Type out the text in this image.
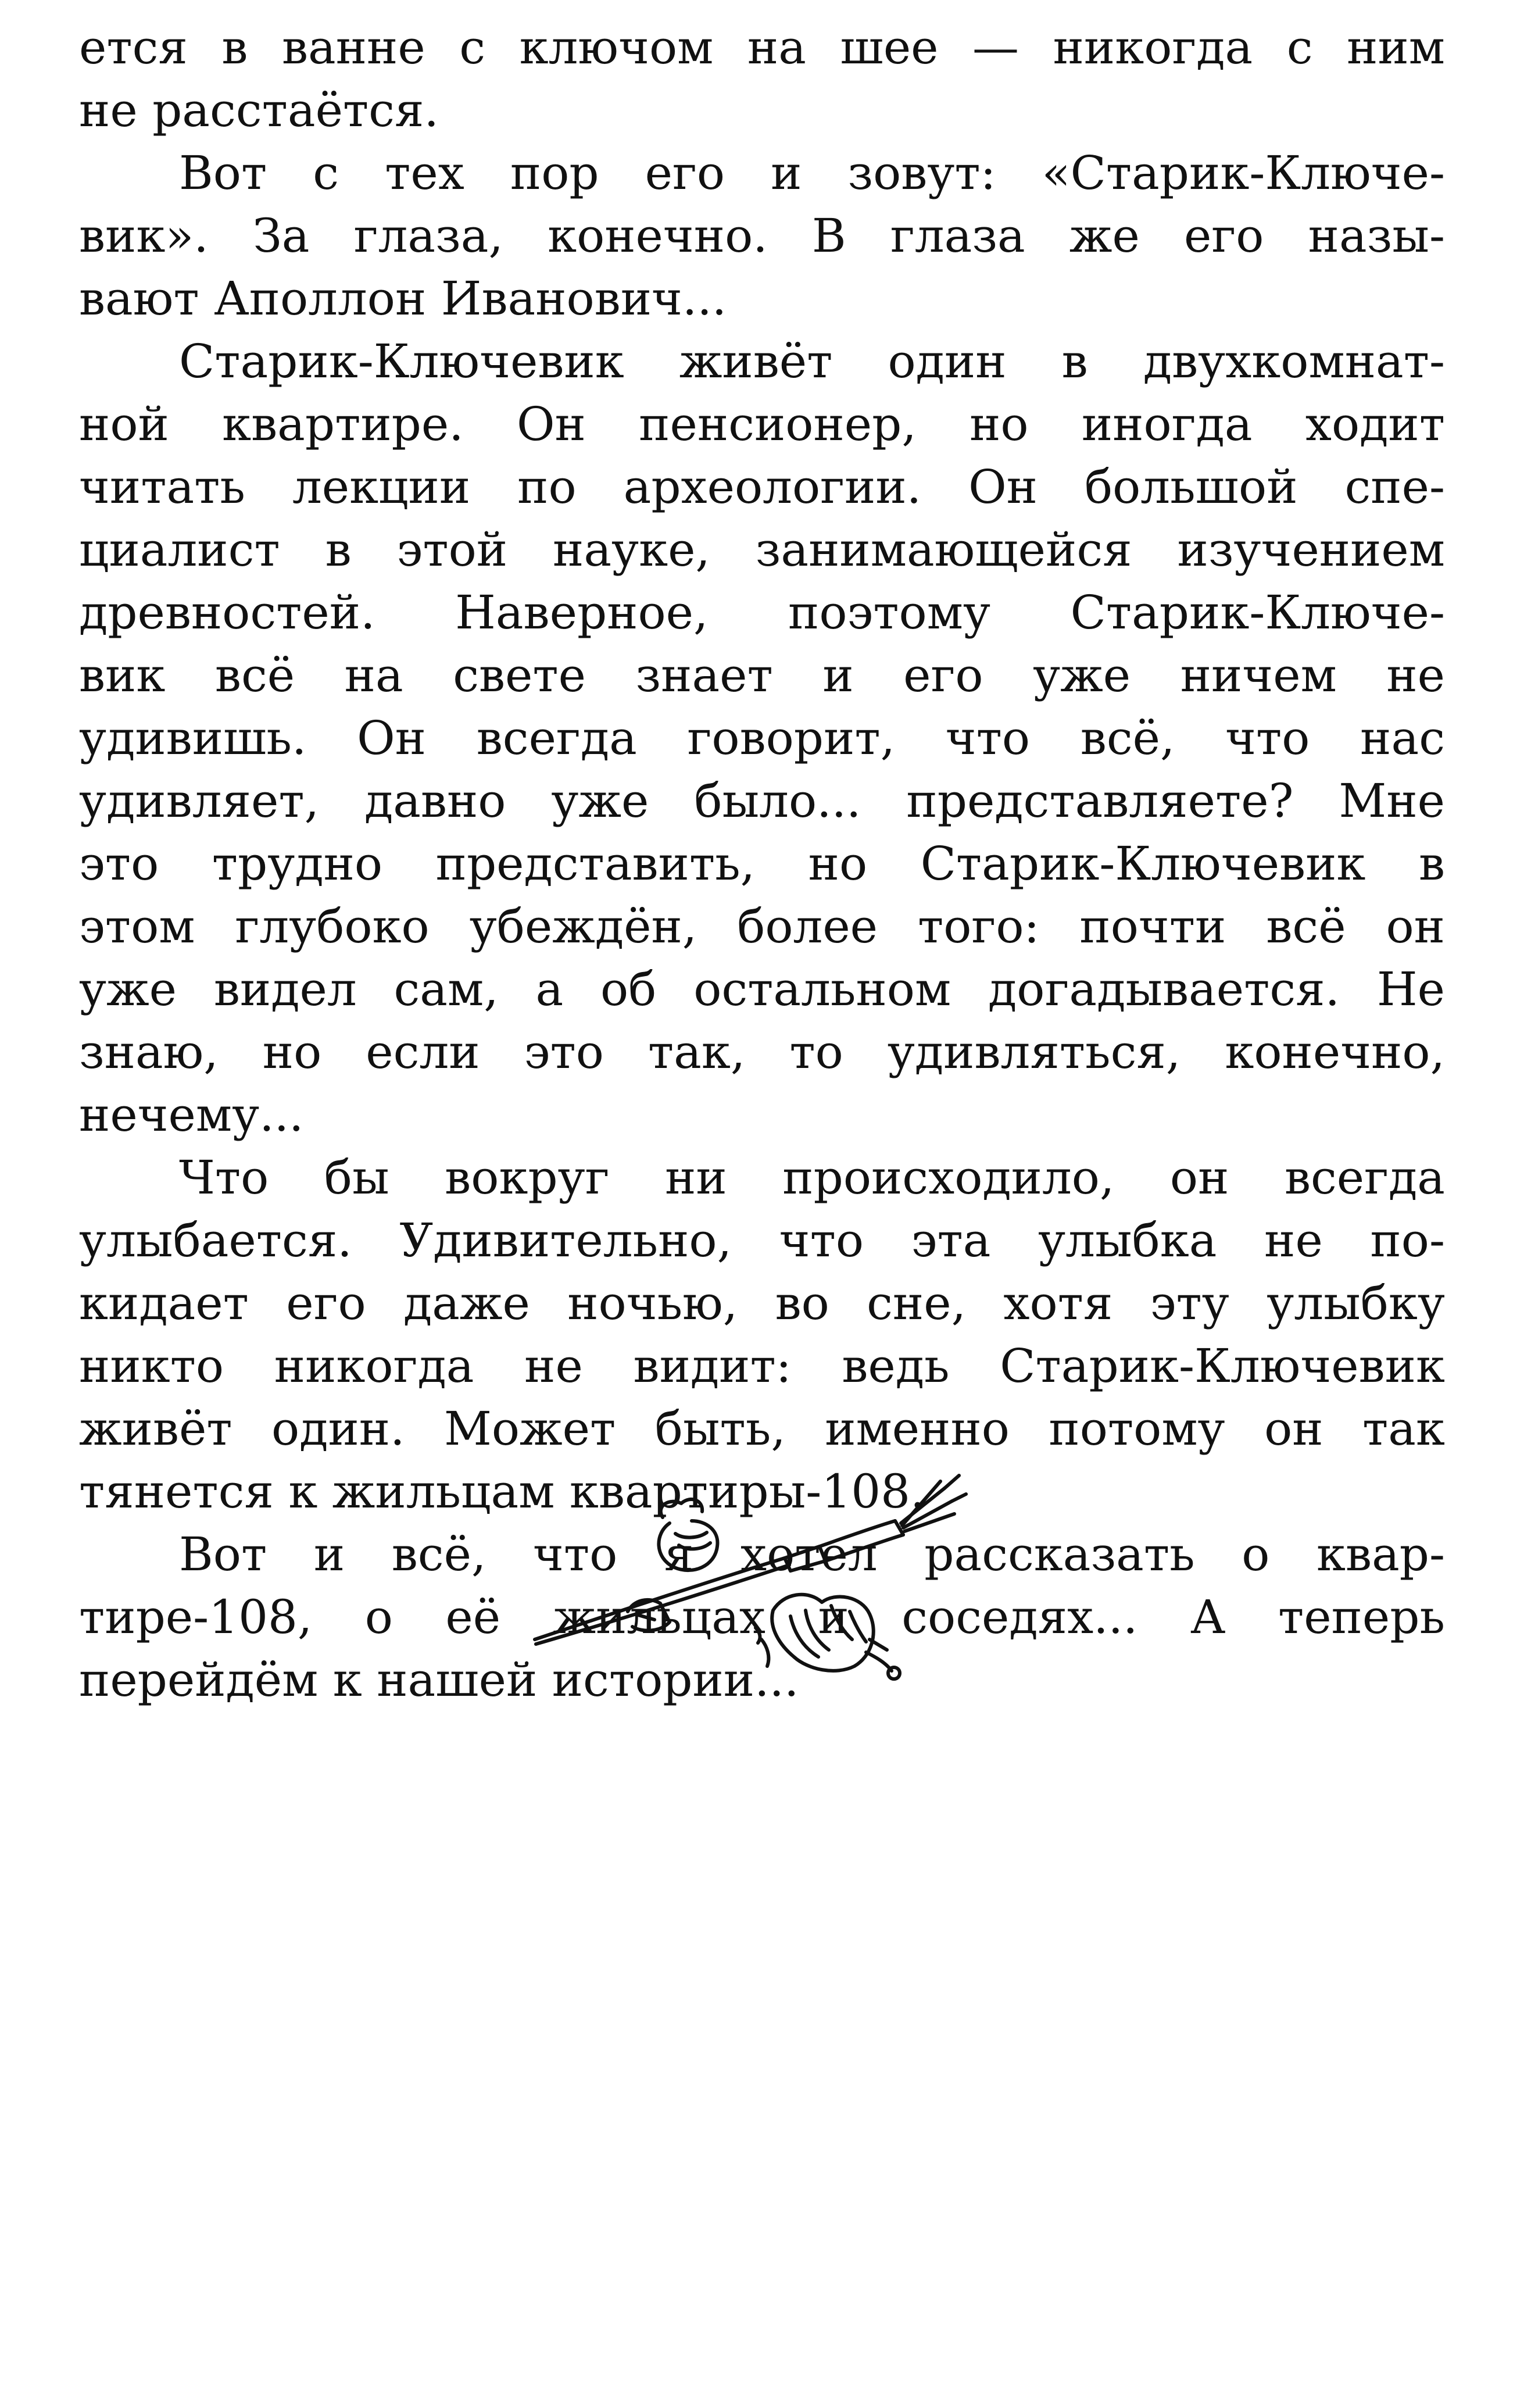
ется в ванне с ключом на шее — никогда с ним
не расстаётся.
Вот с тех пор его и зовут: «Старик-Ключе-
вик». За глаза, конечно. В глаза же его назы-
вают Аполлон Иванович...
Старик-Ключевик живёт один в двухкомнат-
ной квартире. Он пенсионер, но иногда ходит
читать лекции по археологии. Он большой спе-
циалист в этой науке, занимающейся изучением
древностей. Наверное, поэтому Старик-Ключе-
вик всё на свете знает и его уже ничем не
удивишь. Он всегда говорит, что всё, что нас
удивляет, давно уже было... представляете? Мне
это трудно представить, но Старик-Ключевик в
этом глубоко убеждён, более того: почти всё он
уже видел сам, а об остальном догадывается. Не
знаю, но если это так, то удивляться, конечно,
нечему...
Что бы вокруг ни происходило, он всегда
улыбается. Удивительно, что эта улыбка не по-
кидает его даже ночью, во сне, хотя эту улыбку
никто никогда не видит: ведь Старик-Ключевик
живёт один. Может быть, именно потому он так
тянется к жильцам квартиры-108.
Вот и всё, что я хотел рассказать о квар-
тире-108, о её жильцах и соседях... А теперь
перейдём к нашей истории...
